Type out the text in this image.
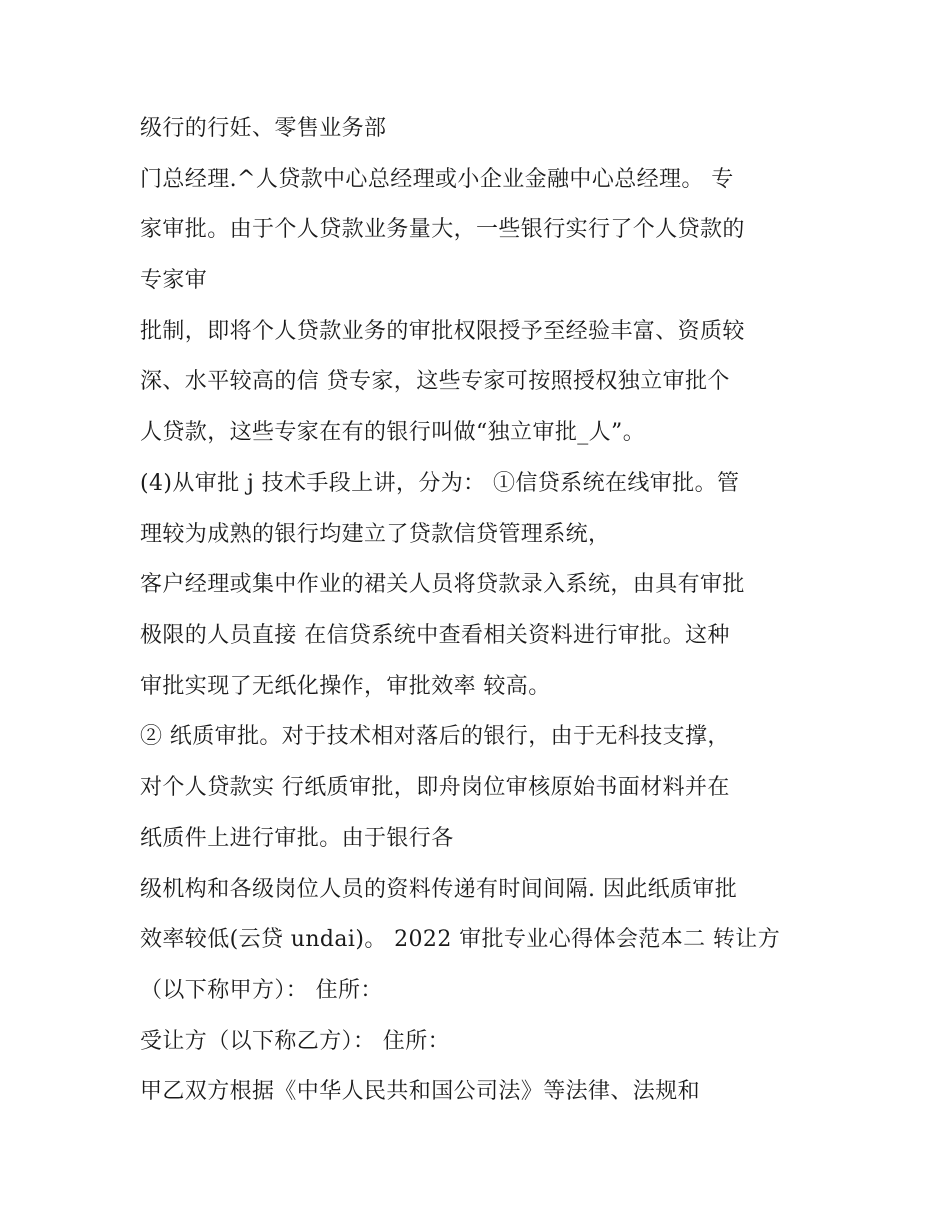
级行的行妊、零售业务部
门总经理.^人贷款中心总经理或小企业金融中心总经理。 专
家审批。由于个人贷款业务量大，一些银行实行了个人贷款的
专家审
批制，即将个人贷款业务的审批权限授予至经验丰富、资质较
深、水平较高的信 贷专家，这些专家可按照授权独立审批个
人贷款，这些专家在有的银行叫做“独立审批_人”。
(4)从审批 j 技术手段上讲，分为： ①信贷系统在线审批。管
理较为成熟的银行均建立了贷款信贷管理系统，
客户经理或集中作业的裙关人员将贷款录入系统，由具有审批
极限的人员直接 在信贷系统中查看相关资料进行审批。这种
审批实现了无纸化操作，审批效率 较高。
② 纸质审批。对于技术相对落后的银行，由于无科技支撑，
对个人贷款实 行纸质审批，即舟岗位审核原始书面材料并在
纸质件上进行审批。由于银行各
级机构和各级岗位人员的资料传递有时间间隔. 因此纸质审批
效率较低(云贷 undai)。 2022 审批专业心得体会范本二 转让方
（以下称甲方）： 住所：
受让方（以下称乙方）： 住所：
甲乙双方根据《中华人民共和国公司法》等法律、法规和
